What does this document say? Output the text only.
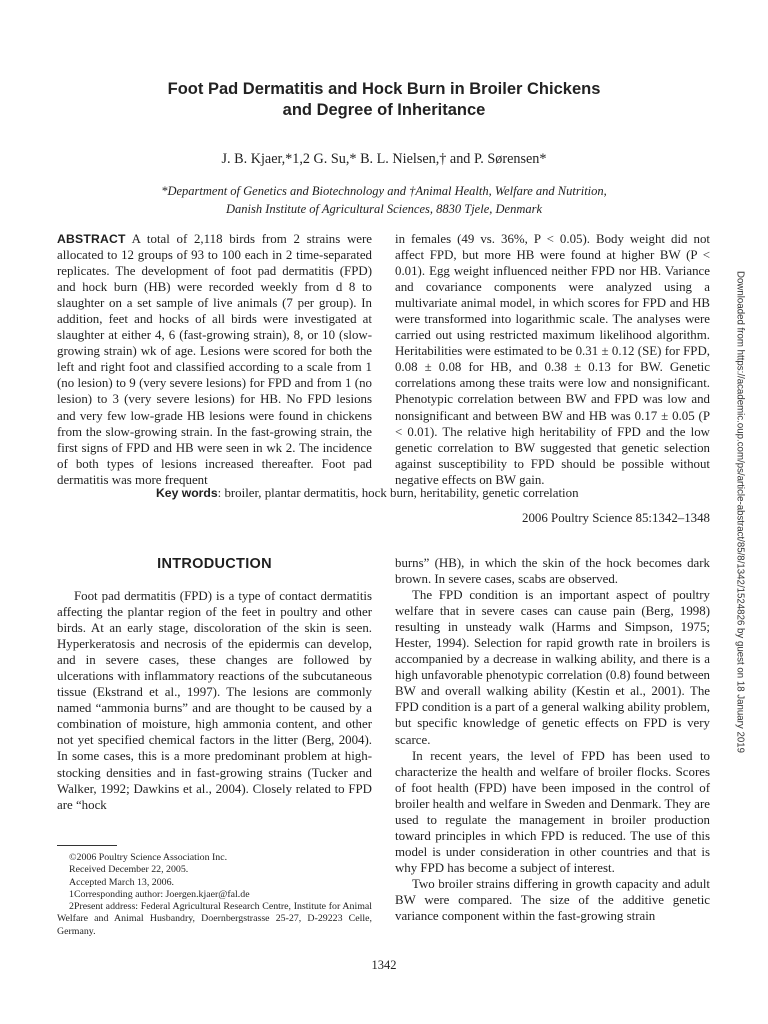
Foot Pad Dermatitis and Hock Burn in Broiler Chickens
and Degree of Inheritance
J. B. Kjaer,*1,2 G. Su,* B. L. Nielsen,† and P. Sørensen*
*Department of Genetics and Biotechnology and †Animal Health, Welfare and Nutrition,
Danish Institute of Agricultural Sciences, 8830 Tjele, Denmark

ABSTRACT A total of 2,118 birds from 2 strains were allocated to 12 groups of 93 to 100 each in 2 time-separated replicates. The development of foot pad dermatitis (FPD) and hock burn (HB) were recorded weekly from d 8 to slaughter on a set sample of live animals (7 per group). In addition, feet and hocks of all birds were investigated at slaughter at either 4, 6 (fast-growing strain), 8, or 10 (slow-growing strain) wk of age. Lesions were scored for both the left and right foot and classified according to a scale from 1 (no lesion) to 9 (very severe lesions) for FPD and from 1 (no lesion) to 3 (very severe lesions) for HB. No FPD lesions and very few low-grade HB lesions were found in chickens from the slow-growing strain. In the fast-growing strain, the first signs of FPD and HB were seen in wk 2. The incidence of both types of lesions increased thereafter. Foot pad dermatitis was more frequent

in females (49 vs. 36%, P < 0.05). Body weight did not affect FPD, but more HB were found at higher BW (P < 0.01). Egg weight influenced neither FPD nor HB. Variance and covariance components were analyzed using a multivariate animal model, in which scores for FPD and HB were transformed into logarithmic scale. The analyses were carried out using restricted maximum likelihood algorithm. Heritabilities were estimated to be 0.31 ± 0.12 (SE) for FPD, 0.08 ± 0.08 for HB, and 0.38 ± 0.13 for BW. Genetic correlations among these traits were low and nonsignificant. Phenotypic correlation between BW and FPD was low and nonsignificant and between BW and HB was 0.17 ± 0.05 (P < 0.01). The relative high heritability of FPD and the low genetic correlation to BW suggested that genetic selection against susceptibility to FPD should be possible without negative effects on BW gain.

Key words: broiler, plantar dermatitis, hock burn, heritability, genetic correlation
2006 Poultry Science 85:1342–1348
INTRODUCTION

Foot pad dermatitis (FPD) is a type of contact dermatitis affecting the plantar region of the feet in poultry and other birds. At an early stage, discoloration of the skin is seen. Hyperkeratosis and necrosis of the epidermis can develop, and in severe cases, these changes are followed by ulcerations with inflammatory reactions of the subcutaneous tissue (Ekstrand et al., 1997). The lesions are commonly named “ammonia burns” and are thought to be caused by a combination of moisture, high ammonia content, and other not yet specified chemical factors in the litter (Berg, 2004). In some cases, this is a more predominant problem at high-stocking densities and in fast-growing strains (Tucker and Walker, 1992; Dawkins et al., 2004). Closely related to FPD are “hock

burns” (HB), in which the skin of the hock becomes dark brown. In severe cases, scabs are observed.

The FPD condition is an important aspect of poultry welfare that in severe cases can cause pain (Berg, 1998) resulting in unsteady walk (Harms and Simpson, 1975; Hester, 1994). Selection for rapid growth rate in broilers is accompanied by a decrease in walking ability, and there is a high unfavorable phenotypic correlation (0.8) found between BW and overall walking ability (Kestin et al., 2001). The FPD condition is a part of a general walking ability problem, but specific knowledge of genetic effects on FPD is very scarce.

In recent years, the level of FPD has been used to characterize the health and welfare of broiler flocks. Scores of foot health (FPD) have been imposed in the control of broiler health and welfare in Sweden and Denmark. They are used to regulate the management in broiler production toward principles in which FPD is reduced. The use of this model is under consideration in other countries and that is why FPD has become a subject of interest.

Two broiler strains differing in growth capacity and adult BW were compared. The size of the additive genetic variance component within the fast-growing strain

©2006 Poultry Science Association Inc.

Received December 22, 2005.

Accepted March 13, 2006.

1Corresponding author: Joergen.kjaer@fal.de

2Present address: Federal Agricultural Research Centre, Institute for Animal Welfare and Animal Husbandry, Doernbergstrasse 25-27, D-29223 Celle, Germany.

1342
Downloaded from https://academic.oup.com/ps/article-abstract/85/8/1342/1524826 by guest on 18 January 2019
